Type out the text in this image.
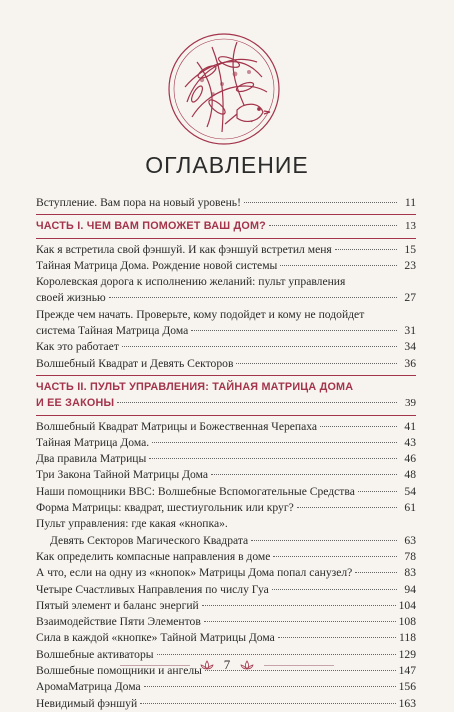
ОГЛАВЛЕНИЕ
Вступление. Вам пора на новый уровень!	11
ЧАСТЬ I. ЧЕМ ВАМ ПОМОЖЕТ ВАШ ДОМ?	13
Как я встретила свой фэншуй. И как фэншуй встретил меня	15
Тайная Матрица Дома. Рождение новой системы	23
Королевская дорога к исполнению желаний: пульт управления
своей жизнью	27
Прежде чем начать. Проверьте, кому подойдет и кому не подойдет
система Тайная Матрица Дома	31
Как это работает	34
Волшебный Квадрат и Девять Секторов	36
ЧАСТЬ II. ПУЛЬТ УПРАВЛЕНИЯ: ТАЙНАЯ МАТРИЦА ДОМА
И ЕЕ ЗАКОНЫ	39
Волшебный Квадрат Матрицы и Божественная Черепаха	41
Тайная Матрица Дома.	43
Два правила Матрицы	46
Три Закона Тайной Матрицы Дома	48
Наши помощники ВВС: Волшебные Вспомогательные Средства	54
Форма Матрицы: квадрат, шестиугольник или круг?	61
Пульт управления: где какая «кнопка».
Девять Секторов Магического Квадрата	63
Как определить компасные направления в доме	78
А что, если на одну из «кнопок» Матрицы Дома попал санузел?	83
Четыре Счастливых Направления по числу Гуа	94
Пятый элемент и баланс энергий	104
Взаимодействие Пяти Элементов	108
Сила в каждой «кнопке» Тайной Матрицы Дома	118
Волшебные активаторы	129
Волшебные помощники и ангелы	147
АромаМатрица Дома	156
Невидимый фэншуй	163
7
